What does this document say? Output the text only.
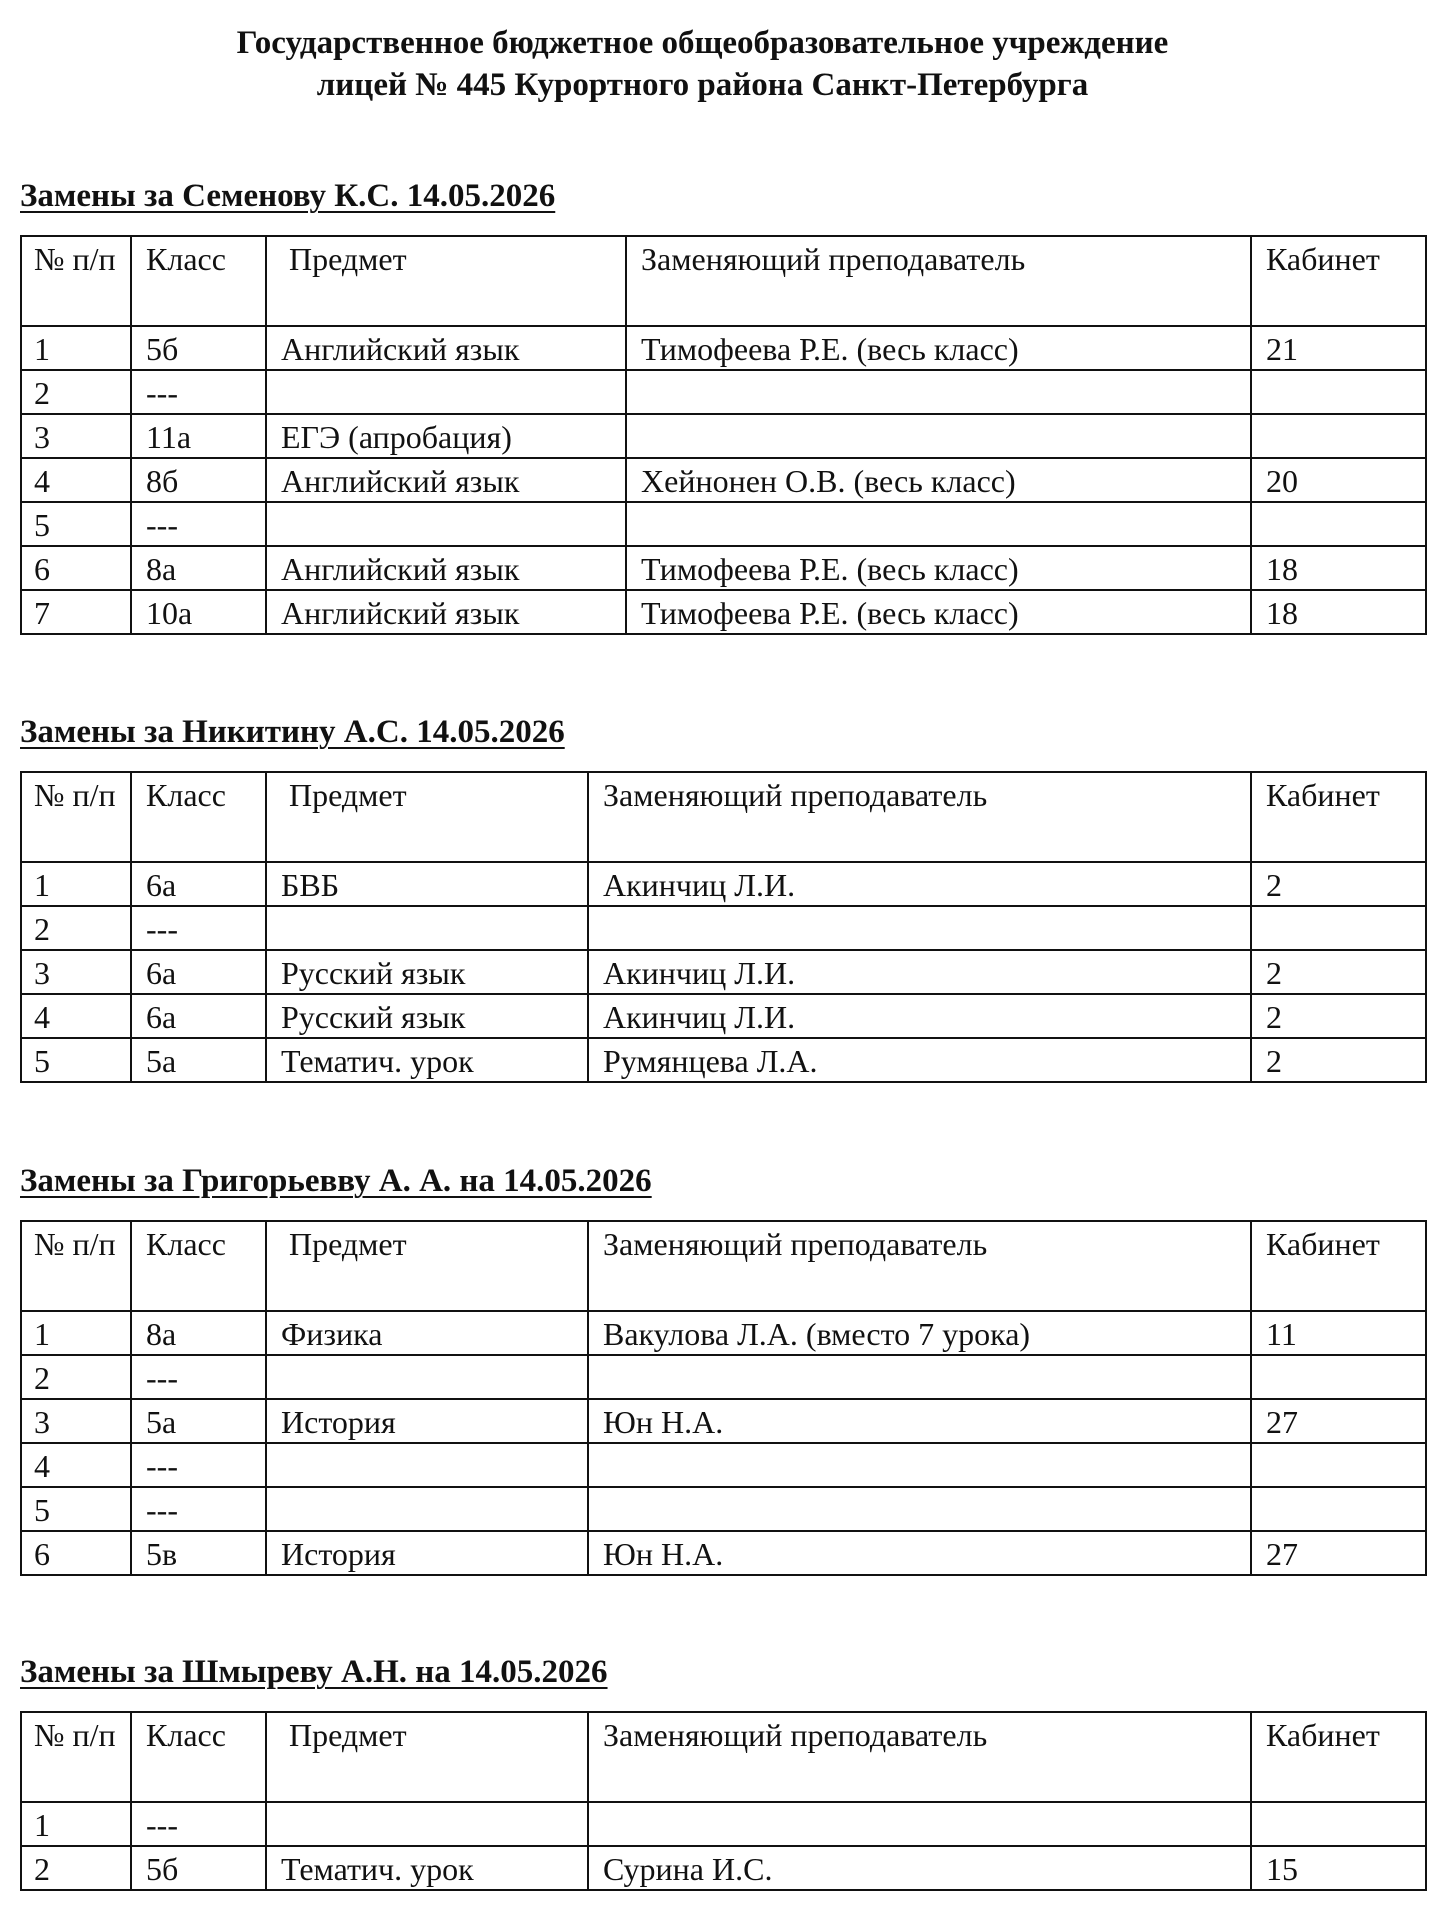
Государственное бюджетное общеобразовательное учреждение
лицей № 445 Курортного района Санкт-Петербурга
Замены за Семенову К.С. 14.05.2026
№ п/п	Класс	Предмет	Заменяющий преподаватель	Кабинет
1	5б	Английский язык	Тимофеева Р.Е. (весь класс)	21
2	---			
3	11а	ЕГЭ (апробация)		
4	8б	Английский язык	Хейнонен О.В. (весь класс)	20
5	---			
6	8а	Английский язык	Тимофеева Р.Е. (весь класс)	18
7	10а	Английский язык	Тимофеева Р.Е. (весь класс)	18
Замены за Никитину А.С. 14.05.2026
№ п/п	Класс	Предмет	Заменяющий преподаватель	Кабинет
1	6а	БВБ	Акинчиц Л.И.	2
2	---			
3	6а	Русский язык	Акинчиц Л.И.	2
4	6а	Русский язык	Акинчиц Л.И.	2
5	5а	Тематич. урок	Румянцева Л.А.	2
Замены за Григорьевву А. А. на 14.05.2026
№ п/п	Класс	Предмет	Заменяющий преподаватель	Кабинет
1	8а	Физика	Вакулова Л.А. (вместо 7 урока)	11
2	---			
3	5а	История	Юн Н.А.	27
4	---			
5	---			
6	5в	История	Юн Н.А.	27
Замены за Шмыреву А.Н. на 14.05.2026
№ п/п	Класс	Предмет	Заменяющий преподаватель	Кабинет
1	---			
2	5б	Тематич. урок	Сурина И.С.	15
